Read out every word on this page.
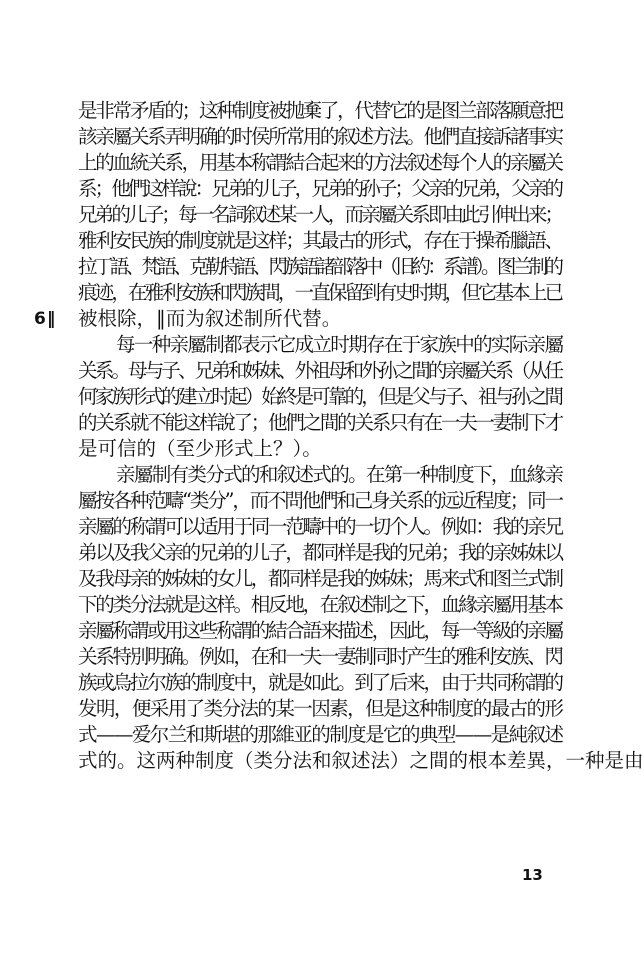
是非常矛盾的；这种制度被抛棄了，代替它的是图兰部落願意把
該亲屬关系弄明确的时侯所常用的叙述方法。他們直接訴諸事实
上的血統关系，用基本称謂結合起来的方法叙述每个人的亲屬关
系；他們这样說：兄弟的儿子，兄弟的孙子；父亲的兄弟，父亲的
兄弟的儿子；每一名詞叙述某一人，而亲屬关系即由此引伸出来；
雅利安民族的制度就是这样；其最古的形式，存在于操希臘語、
拉丁語、梵語、克勒特語、閃族語諸部落中（旧約：系譜）。图兰制的
痕迹，在雅利安族和閃族間，一直保留到有史时期，但它基本上已
被根除，‖而为叙述制所代替。
6‖
每一种亲屬制都表示它成立时期存在于家族中的实际亲屬
关系。母与子、兄弟和姊妹、外祖母和外孙之間的亲屬关系（从任
何家族形式的建立时起）始終是可靠的，但是父与子、祖与孙之間
的关系就不能这样說了；他們之間的关系只有在一夫一妻制下才
是可信的（至少形式上？）。
亲屬制有类分式的和叙述式的。在第一种制度下，血緣亲
屬按各种范疇“类分”，而不問他們和己身关系的远近程度；同一
亲屬的称謂可以适用于同一范疇中的一切个人。例如：我的亲兄
弟以及我父亲的兄弟的儿子，都同样是我的兄弟；我的亲姊妹以
及我母亲的姊妹的女儿，都同样是我的姊妹；馬来式和图兰式制
下的类分法就是这样。相反地，在叙述制之下，血緣亲屬用基本
亲屬称謂或用这些称謂的結合語来描述，因此，每一等級的亲屬
关系特別明确。例如，在和一夫一妻制同时产生的雅利安族、閃
族或烏拉尔族的制度中，就是如此。到了后来，由于共同称謂的
发明，便采用了类分法的某一因素，但是这种制度的最古的形
式——爱尔兰和斯堪的那維亚的制度是它的典型——是純叙述
式的。这两种制度（类分法和叙述法）之間的根本差異，一种是由
13
